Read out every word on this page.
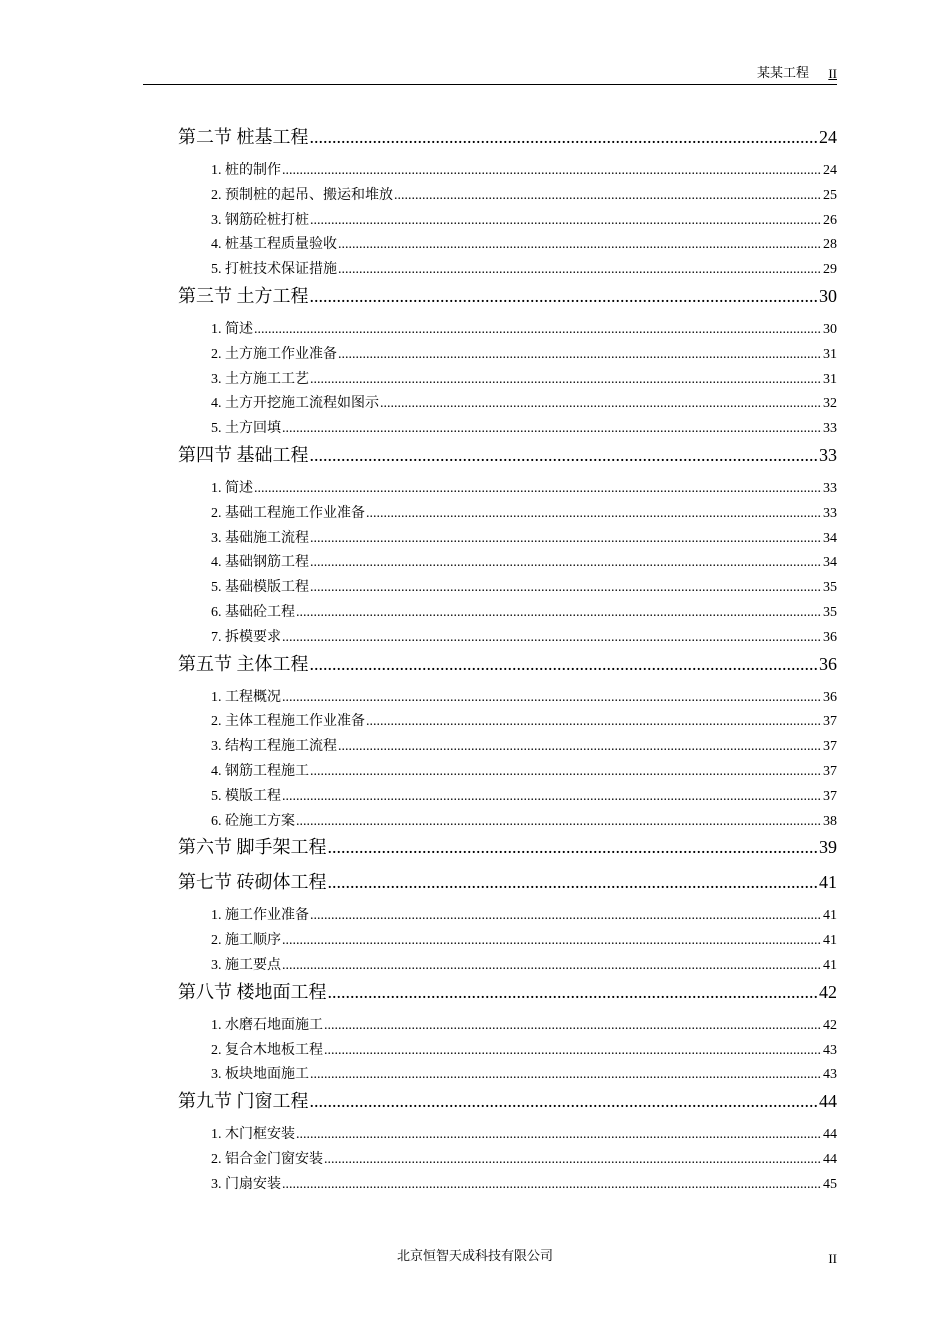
某某工程 II
第二节 桩基工程 .....	24
1. 桩的制作 .....	24
2. 预制桩的起吊、搬运和堆放 .....	25
3. 钢筋砼桩打桩 .....	26
4. 桩基工程质量验收 .....	28
5. 打桩技术保证措施 .....	29
第三节 土方工程 .....	30
1. 简述 .....	30
2. 土方施工作业准备 .....	31
3. 土方施工工艺 .....	31
4. 土方开挖施工流程如图示 .....	32
5. 土方回填 .....	33
第四节 基础工程 .....	33
1. 简述 .....	33
2. 基础工程施工作业准备 .....	33
3. 基础施工流程 .....	34
4. 基础钢筋工程 .....	34
5. 基础模版工程 .....	35
6. 基础砼工程 .....	35
7. 拆模要求 .....	36
第五节 主体工程 .....	36
1. 工程概况 .....	36
2. 主体工程施工作业准备 .....	37
3. 结构工程施工流程 .....	37
4. 钢筋工程施工 .....	37
5. 模版工程 .....	37
6. 砼施工方案 .....	38
第六节 脚手架工程 .....	39
第七节 砖砌体工程 .....	41
1. 施工作业准备 .....	41
2. 施工顺序 .....	41
3. 施工要点 .....	41
第八节 楼地面工程 .....	42
1. 水磨石地面施工 .....	42
2. 复合木地板工程 .....	43
3. 板块地面施工 .....	43
第九节 门窗工程 .....	44
1. 木门框安装 .....	44
2. 铝合金门窗安装 .....	44
3. 门扇安装 .....	45
北京恒智天成科技有限公司	II
